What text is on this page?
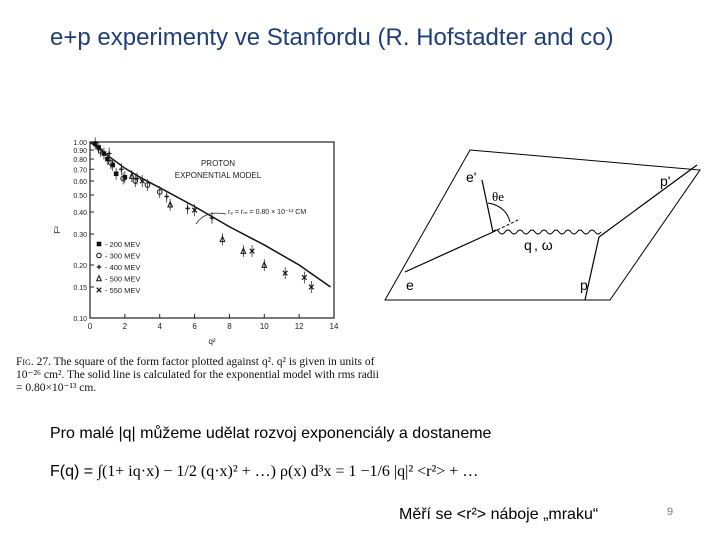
e+p experimenty ve Stanfordu (R. Hofstadter and co)
0	2	4	6	8	10	12	14
1.00
0.90
0.80
0.70
0.60
0.50
0.40
0.30
0.20
0.15
0.10
q²
F²
PROTON
EXPONENTIAL MODEL
rₑ = rₘ = 0.80 × 10⁻¹³ CM
- 200 MEV
- 300 MEV
- 400 MEV
- 500 MEV
- 550 MEV
Fig. 27. The square of the form factor plotted against q². q² is given in units of 10⁻²⁶ cm². The solid line is calculated for the exponential model with rms radii = 0.80×10⁻¹³ cm.
e'
θe
p'
q , ω
e	p
Pro malé |q| můžeme udělat rozvoj exponenciály a dostaneme
F(q) = ∫(1+ iq·x) − 1/2 (q·x)² + …) ρ(x) d³x = 1 −1/6 |q|² <r²> + …
Měří se <r²> náboje „mraku“	9
